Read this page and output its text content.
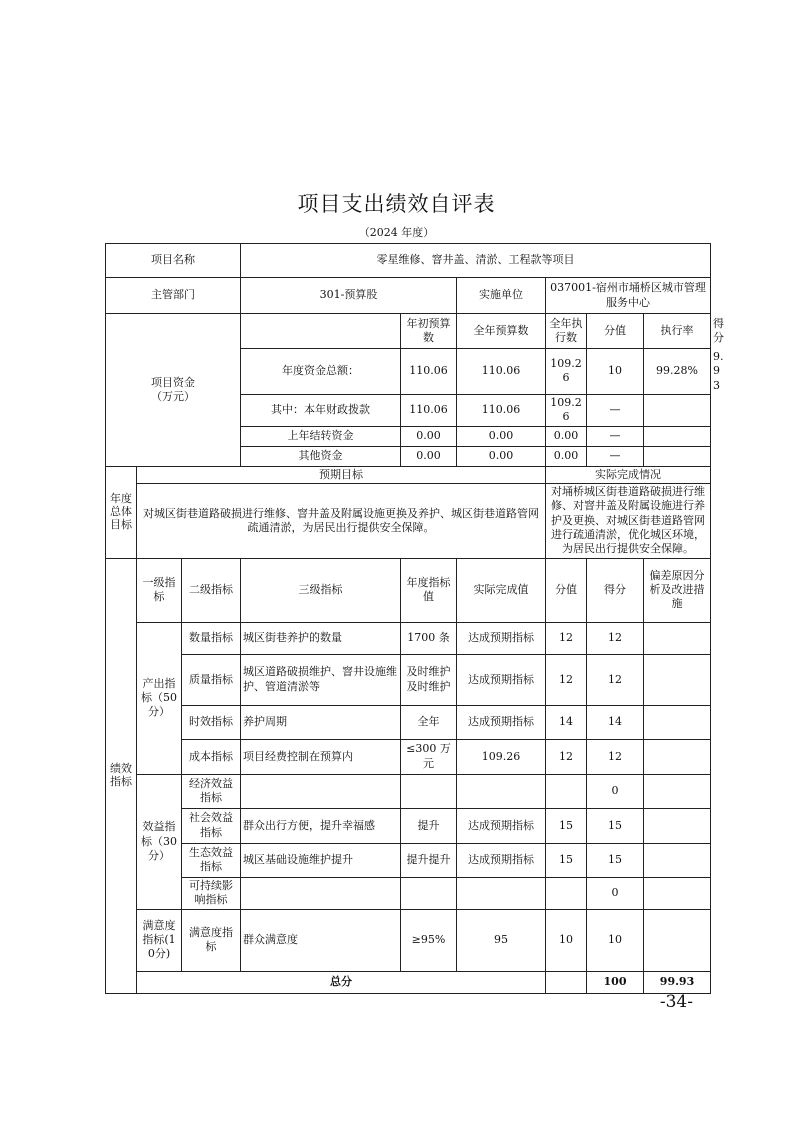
项目支出绩效自评表
（2024 年度）
项目名称			零星维修、窨井盖、清淤、工程款等项目						
主管部门			301-预算股		实施单位	037001-宿州市埇桥区城市管理服务中心			
项目资金
（万元）				年初预算数	全年预算数	全年执行数	分值	执行率	得分
			年度资金总额：	110.06	110.06	109.26	10	99.28%	9.93
			其中：本年财政拨款	110.06	110.06	109.26	—		
			上年结转资金	0.00	0.00	0.00	—		
			其他资金	0.00	0.00	0.00	—		
年度总体目标	预期目标					实际完成情况			
	对城区街巷道路破损进行维修、窨井盖及附属设施更换及养护、城区街巷道路管网疏通清淤，为居民出行提供安全保障。					对埇桥城区街巷道路破损进行维修、对窨井盖及附属设施进行养护及更换、对城区街巷道路管网进行疏通清淤，优化城区环境，为居民出行提供安全保障。			
绩效指标	一级指标	二级指标	三级指标	年度指标值	实际完成值	分值	得分	偏差原因分析及改进措施	
	产出指标（50分）	数量指标	城区街巷养护的数量	1700 条	达成预期指标	12	12		
		质量指标	城区道路破损维护、窨井设施维护、管道清淤等	及时维护及时维护	达成预期指标	12	12		
		时效指标	养护周期	全年	达成预期指标	14	14		
		成本指标	项目经费控制在预算内	≤300 万元	109.26	12	12		
	效益指标（30分）	经济效益指标					0		
		社会效益指标	群众出行方便，提升幸福感	提升	达成预期指标	15	15		
		生态效益指标	城区基础设施维护提升	提升提升	达成预期指标	15	15		
		可持续影响指标					0		
	满意度指标(10分)	满意度指标	群众满意度	≥95%	95	10	10		
	总分						100	99.93	
-34-
